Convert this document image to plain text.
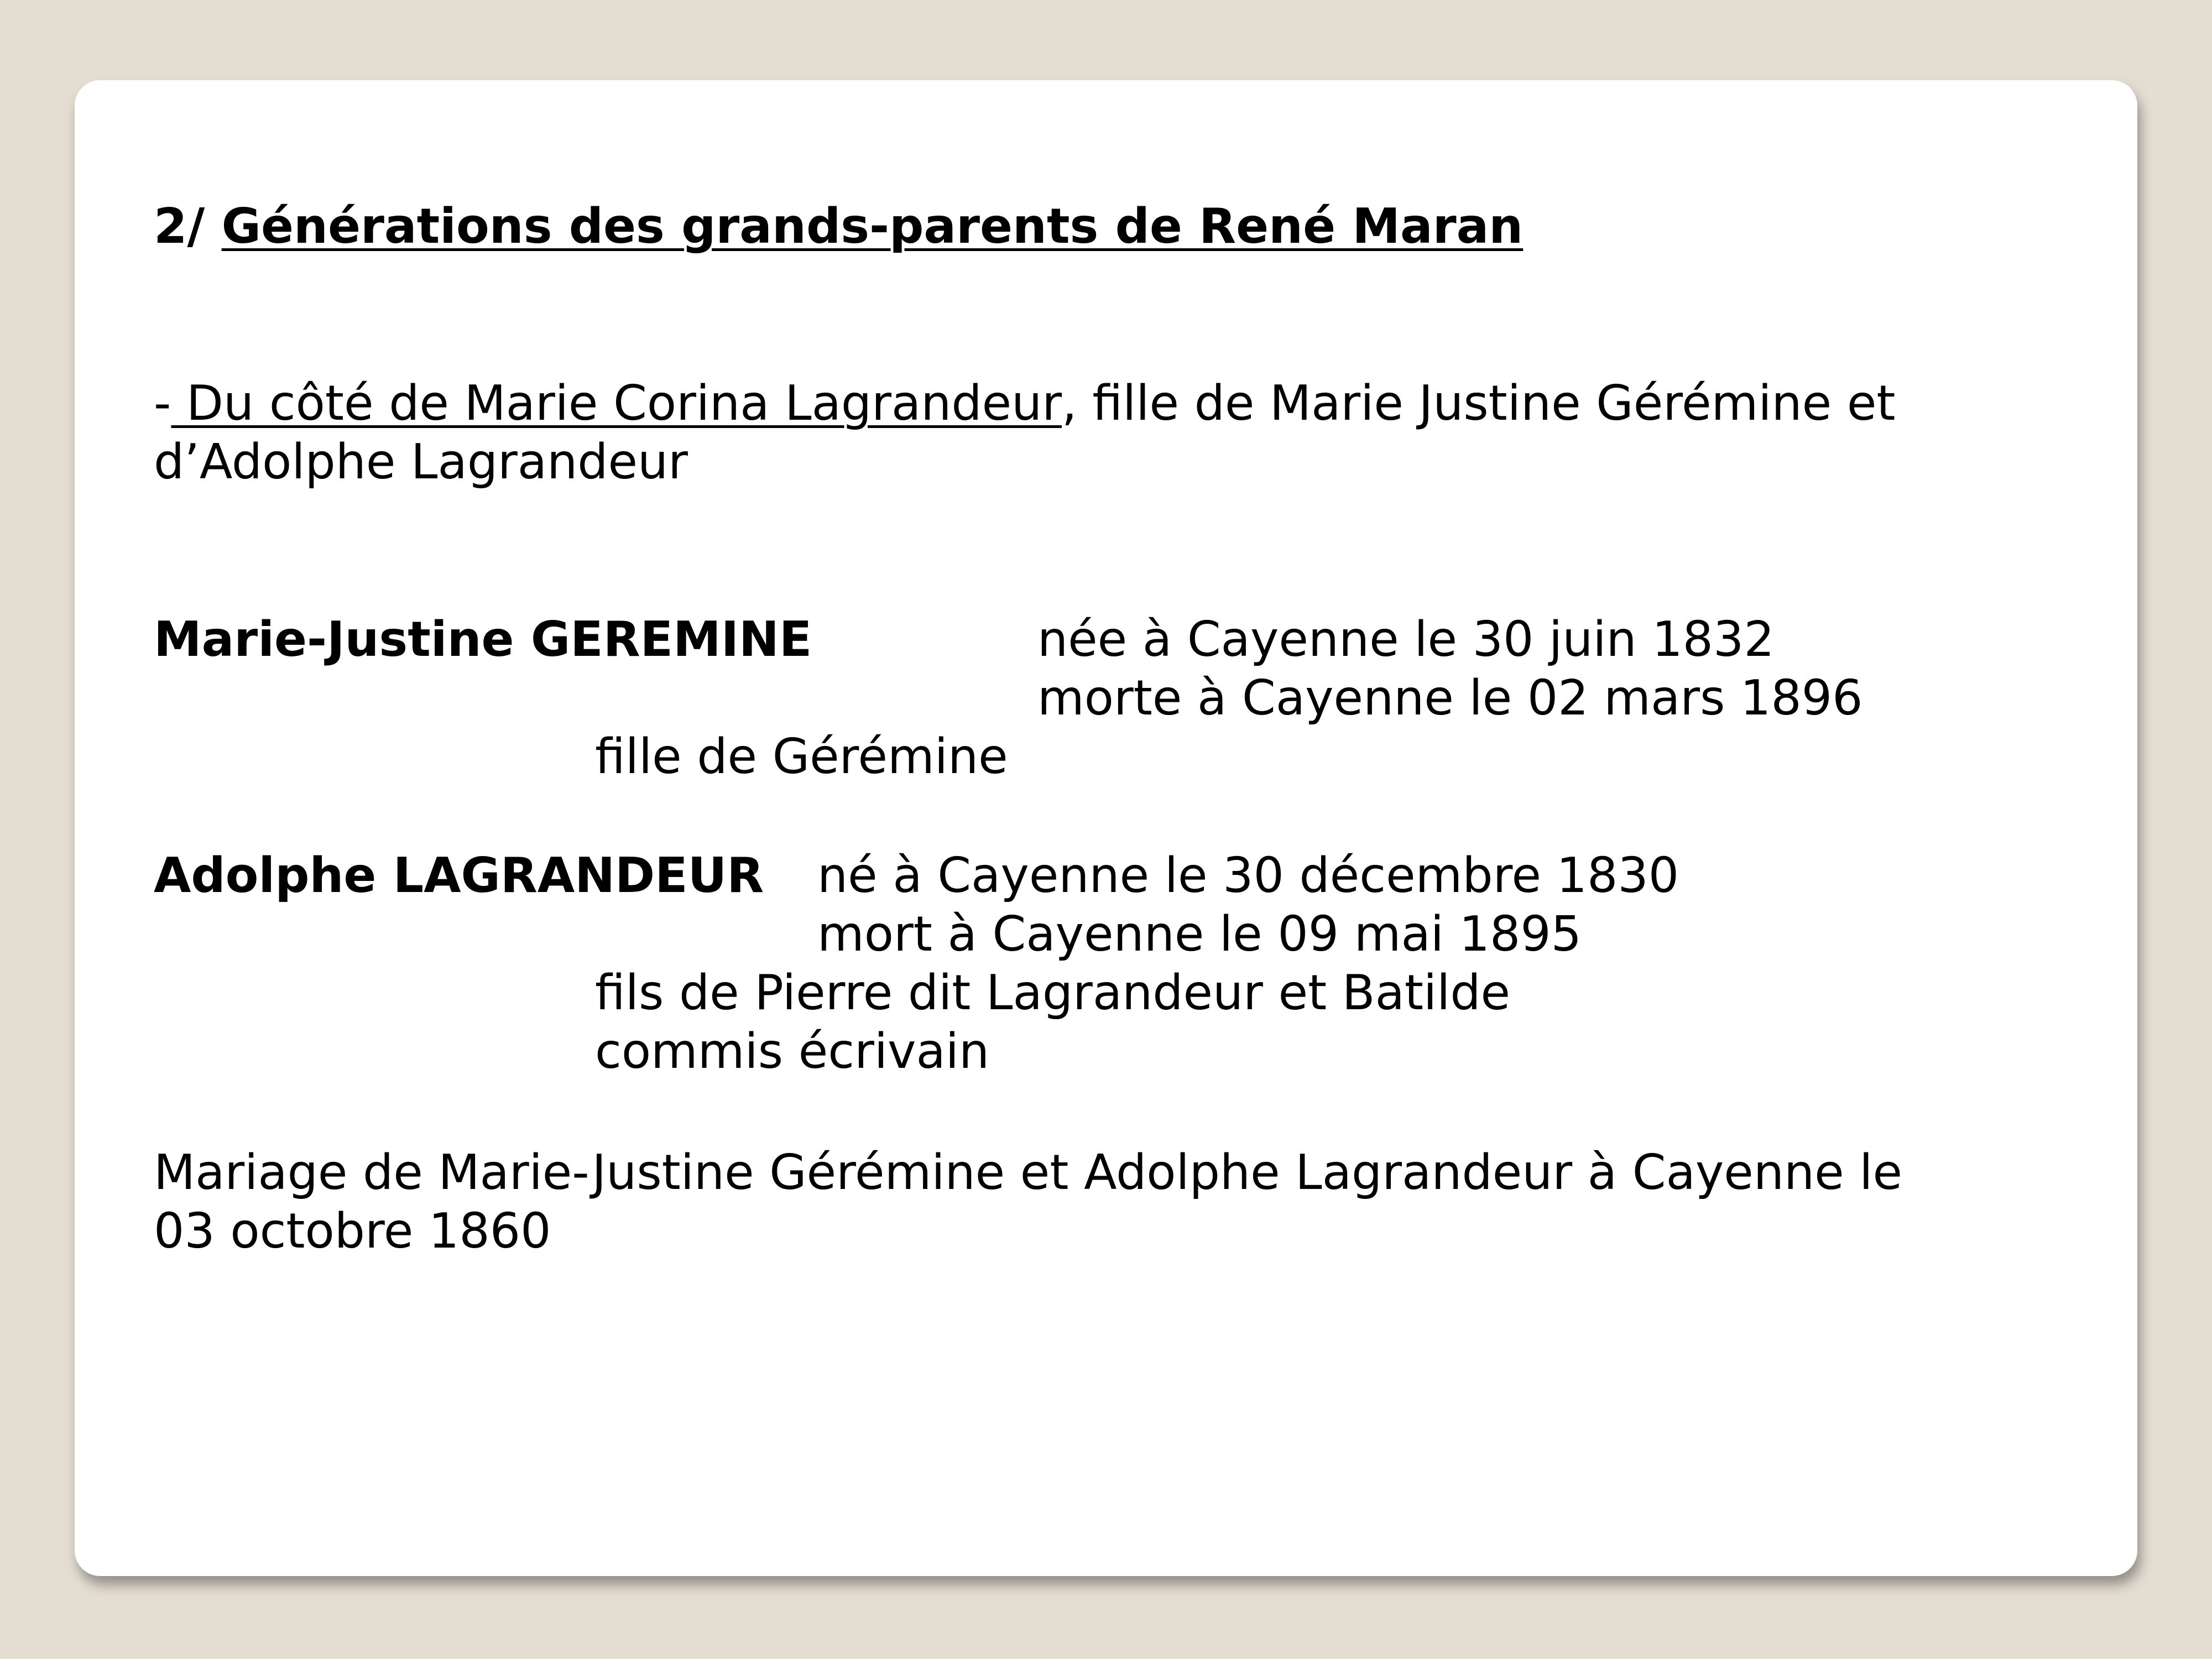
2/ Générations des grands-parents de René Maran
- Du côté de Marie Corina Lagrandeur, fille de Marie Justine Gérémine et
d’Adolphe Lagrandeur
Marie-Justine GEREMINE	née à Cayenne le 30 juin 1832
morte à Cayenne le 02 mars 1896
fille de Gérémine
Adolphe LAGRANDEUR né à Cayenne le 30 décembre 1830
mort à Cayenne le 09 mai 1895
fils de Pierre dit Lagrandeur et Batilde
commis écrivain
Mariage de Marie-Justine Gérémine et Adolphe Lagrandeur à Cayenne le
03 octobre 1860
